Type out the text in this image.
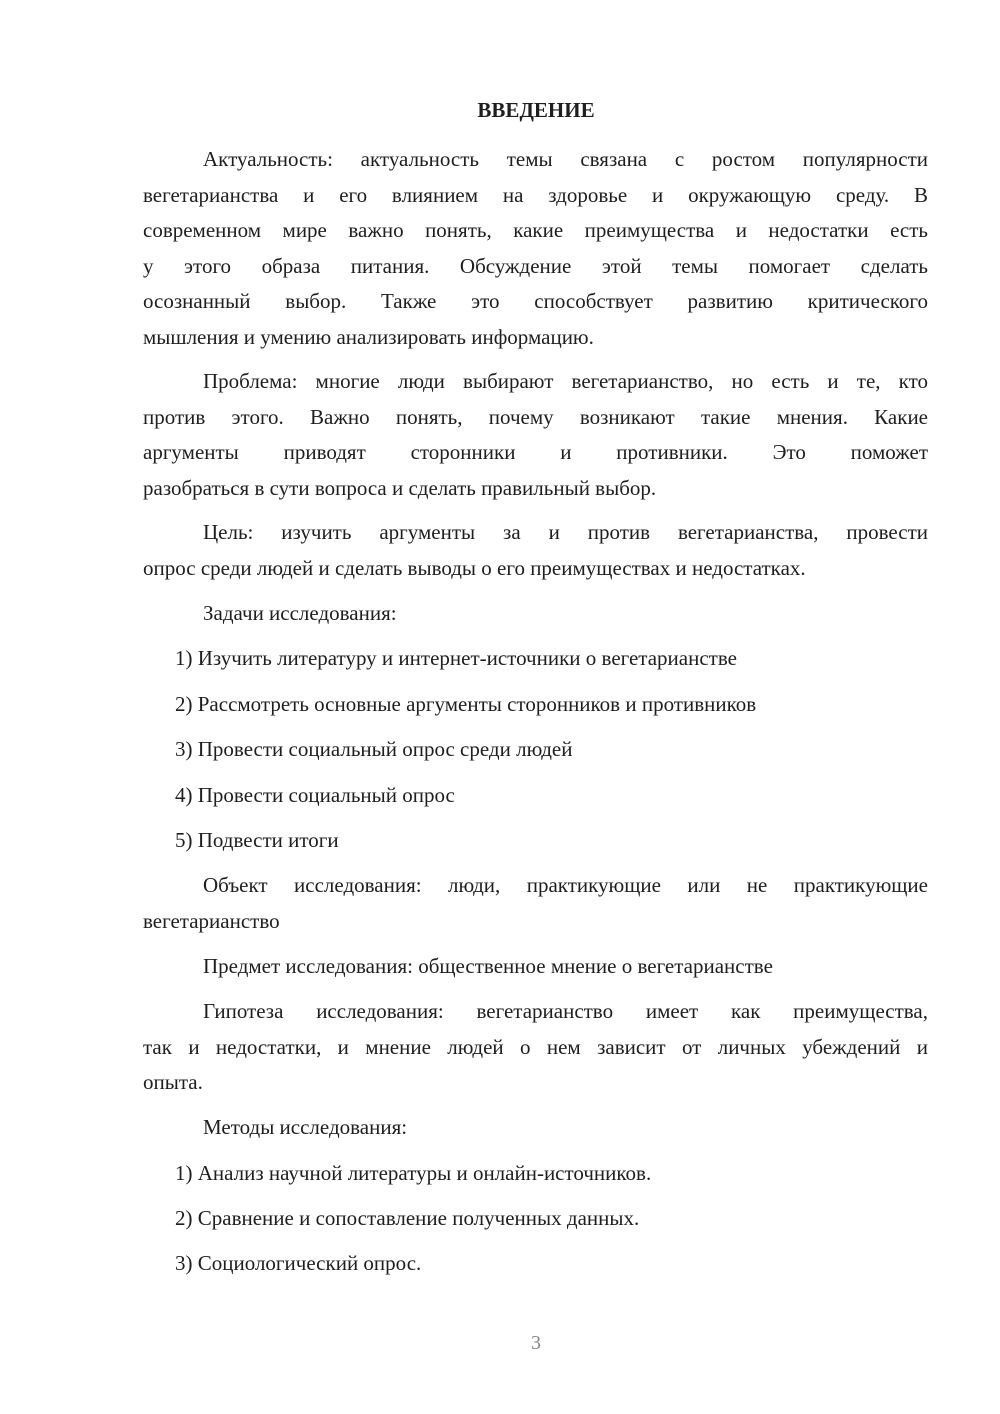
ВВЕДЕНИЕ
Актуальность: актуальность темы связана с ростом популярности
вегетарианства и его влиянием на здоровье и окружающую среду. В
современном мире важно понять, какие преимущества и недостатки есть
у этого образа питания. Обсуждение этой темы помогает сделать
осознанный выбор. Также это способствует развитию критического
мышления и умению анализировать информацию.
Проблема: многие люди выбирают вегетарианство, но есть и те, кто
против этого. Важно понять, почему возникают такие мнения. Какие
аргументы приводят сторонники и противники. Это поможет
разобраться в сути вопроса и сделать правильный выбор.
Цель: изучить аргументы за и против вегетарианства, провести
опрос среди людей и сделать выводы о его преимуществах и недостатках.
Задачи исследования:
1) Изучить литературу и интернет-источники о вегетарианстве
2) Рассмотреть основные аргументы сторонников и противников
3) Провести социальный опрос среди людей
4) Провести социальный опрос
5) Подвести итоги
Объект исследования: люди, практикующие или не практикующие
вегетарианство
Предмет исследования: общественное мнение о вегетарианстве
Гипотеза исследования: вегетарианство имеет как преимущества,
так и недостатки, и мнение людей о нем зависит от личных убеждений и
опыта.
Методы исследования:
1) Анализ научной литературы и онлайн-источников.
2) Сравнение и сопоставление полученных данных.
3) Социологический опрос.
3
